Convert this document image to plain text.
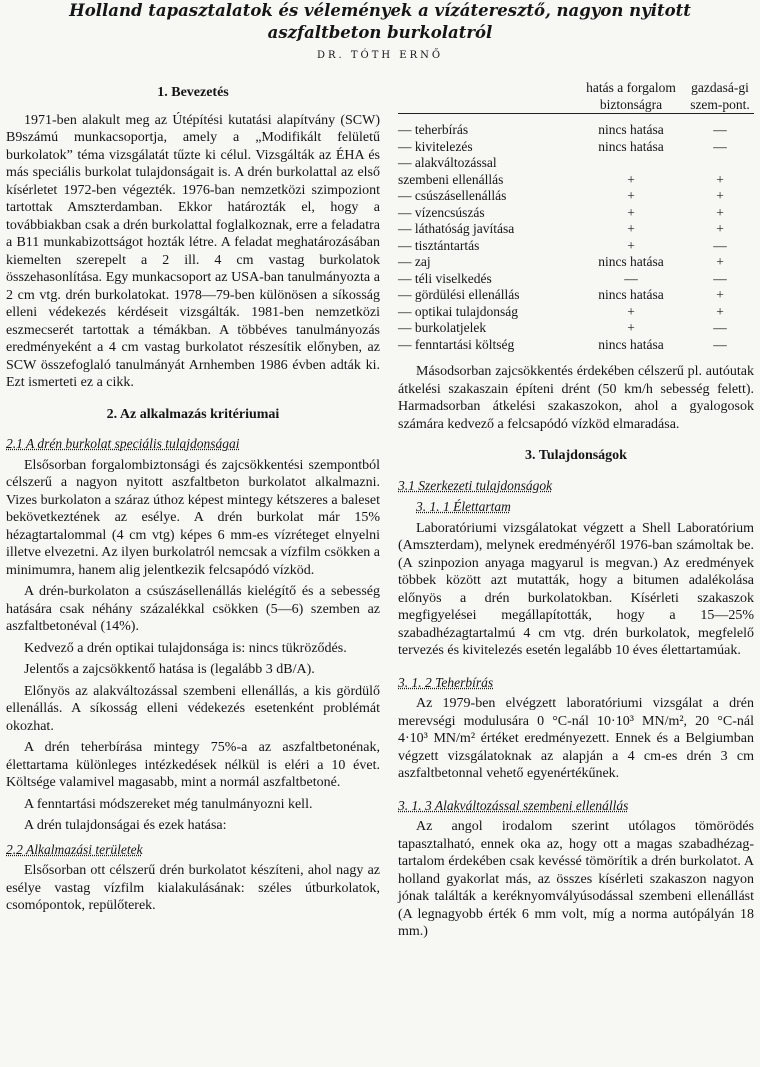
Holland tapasztalatok és vélemények a vízáteresztő, nagyon nyitott aszfaltbeton burkolatról
DR. TÓTH ERNŐ
1. Bevezetés

1971-ben alakult meg az Útépítési kutatási alapítvány (SCW) B9számú munkacsoportja, amely a „Modifikált felületű burkolatok” téma vizsgálatát tűzte ki célul. Vizsgálták az ÉHA és más speciális burkolat tulajdonságait is. A drén burkolattal az első kísérletet 1972-ben végezték. 1976-ban nemzetközi szimpoziont tartottak Amszterdamban. Ekkor határozták el, hogy a továbbiakban csak a drén burkolattal foglalkoznak, erre a feladatra a B11 munkabizottságot hozták létre. A feladat meghatározásában kiemelten szerepelt a 2 ill. 4 cm vastag burkolatok összehasonlítása. Egy munkacsoport az USA-ban tanulmányozta a 2 cm vtg. drén burkolatokat. 1978—79-ben különösen a síkosság elleni védekezés kérdéseit vizsgálták. 1981-ben nemzetközi eszmecserét tartottak a témákban. A többéves tanulmányozás eredményeként a 4 cm vastag burkolatot részesítik előnyben, az SCW összefoglaló tanulmányát Arnhemben 1986 évben adták ki. Ezt ismerteti ez a cikk.

2. Az alkalmazás kritériumai
2.1 A drén burkolat speciális tulajdonságai

Elsősorban forgalombiztonsági és zajcsökkentési szempontból célszerű a nagyon nyitott aszfaltbeton burkolatot alkalmazni. Vizes burkolaton a száraz úthoz képest mintegy kétszeres a baleset bekövetkeztének az esélye. A drén burkolat már 15% hézagtartalommal (4 cm vtg) képes 6 mm-es vízréteget elnyelni illetve elvezetni. Az ilyen burkolatról nemcsak a vízfilm csökken a minimumra, hanem alig jelentkezik felcsapódó vízköd.

A drén-burkolaton a csúszásellenállás kielégítő és a sebesség hatására csak néhány százalékkal csökken (5—6) szemben az aszfaltbetonéval (14%).

Kedvező a drén optikai tulajdonsága is: nincs tükröződés.

Jelentős a zajcsökkentő hatása is (legalább 3 dB/A).

Előnyös az alakváltozással szembeni ellenállás, a kis gördülő ellenállás. A síkosság elleni védekezés esetenként problémát okozhat.

A drén teherbírása mintegy 75%-a az aszfaltbetonénak, élettartama különleges intézkedések nélkül is eléri a 10 évet. Költsége valamivel magasabb, mint a normál aszfaltbetoné.

A fenntartási módszereket még tanulmányozni kell.

A drén tulajdonságai és ezek hatása:

2.2 Alkalmazási területek

Elsősorban ott célszerű drén burkolatot készíteni, ahol nagy az esélye vastag vízfilm kialakulásának: széles útburkolatok, csomópontok, repülőterek.

	hatás a forgalom biztonságra	gazdasá-gi szem-pont.

— teherbírás	nincs hatása	—
— kivitelezés	nincs hatása	—
— alakváltozással		
szembeni ellenállás	+	+
— csúszásellenállás	+	+
— vízencsúszás	+	+
— láthatóság javítása	+	+
— tisztántartás	+	—
— zaj	nincs hatása	+
— téli viselkedés	—	—
— gördülési ellenállás	nincs hatása	+
— optikai tulajdonság	+	+
— burkolatjelek	+	—
— fenntartási költség	nincs hatása	—

Másodsorban zajcsökkentés érdekében célszerű pl. autóutak átkelési szakaszain építeni drént (50 km/h sebesség felett). Harmadsorban átkelési szakaszokon, ahol a gyalogosok számára kedvező a felcsapódó vízköd elmaradása.

3. Tulajdonságok
3.1 Szerkezeti tulajdonságok
3. 1. 1 Élettartam

Laboratóriumi vizsgálatokat végzett a Shell Laboratórium (Amszterdam), melynek eredményéről 1976-ban számoltak be. (A szinpozion anyaga magyarul is megvan.) Az eredmények többek között azt mutatták, hogy a bitumen adalékolása előnyös a drén burkolatokban. Kísérleti szakaszok megfigyelései megállapították, hogy a 15—25% szabadhézagtartalmú 4 cm vtg. drén burkolatok, megfelelő tervezés és kivitelezés esetén legalább 10 éves élettartamúak.

3. 1. 2 Teherbírás

Az 1979-ben elvégzett laboratóriumi vizsgálat a drén merevségi modulusára 0 °C-nál 10·10³ MN/m², 20 °C-nál 4·10³ MN/m² értéket eredményezett. Ennek és a Belgiumban végzett vizsgálatoknak az alapján a 4 cm-es drén 3 cm aszfaltbetonnal vehető egyenértékűnek.

3. 1. 3 Alakváltozással szembeni ellenállás

Az angol irodalom szerint utólagos tömörödés tapasztalható, ennek oka az, hogy ott a magas szabadhézag-tartalom érdekében csak kevéssé tömörítik a drén burkolatot. A holland gyakorlat más, az összes kísérleti szakaszon nagyon jónak találták a keréknyomvályúsodással szembeni ellenállást (A legnagyobb érték 6 mm volt, míg a norma autópályán 18 mm.)
